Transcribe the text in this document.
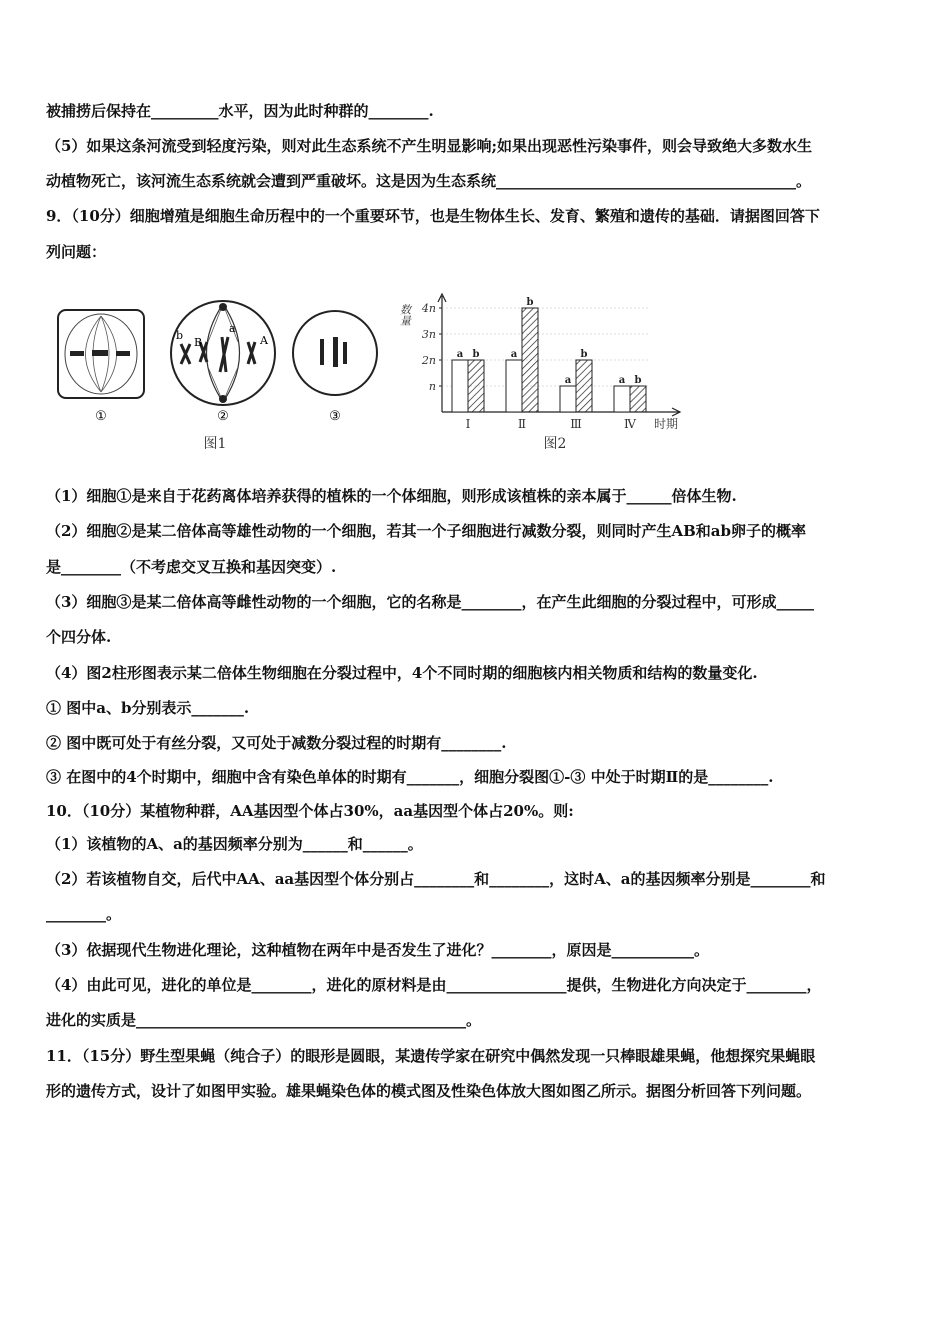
被捕捞后保持在_________水平，因为此时种群的________.
（5）如果这条河流受到轻度污染，则对此生态系统不产生明显影响;如果出现恶性污染事件，则会导致绝大多数水生
动植物死亡，该河流生态系统就会遭到严重破坏。这是因为生态系统________________________________________。
9．（10分）细胞增殖是细胞生命历程中的一个重要环节，也是生物体生长、发育、繁殖和遗传的基础．请据图回答下
列问题：
（1）细胞①是来自于花药离体培养获得的植株的一个体细胞，则形成该植株的亲本属于______倍体生物.
（2）细胞②是某二倍体高等雄性动物的一个细胞，若其一个子细胞进行减数分裂，则同时产生AB和ab卵子的概率
是________（不考虑交叉互换和基因突变）.
（3）细胞③是某二倍体高等雌性动物的一个细胞，它的名称是________，在产生此细胞的分裂过程中，可形成_____
个四分体.
（4）图2柱形图表示某二倍体生物细胞在分裂过程中，4个不同时期的细胞核内相关物质和结构的数量变化.
① 图中a、b分别表示_______.
② 图中既可处于有丝分裂，又可处于减数分裂过程的时期有________.
③ 在图中的4个时期中，细胞中含有染色单体的时期有_______，细胞分裂图①-③ 中处于时期Ⅱ的是________.
10．（10分）某植物种群，AA基因型个体占30%，aa基因型个体占20%。则:
（1）该植物的A、a的基因频率分别为______和______。
（2）若该植物自交，后代中AA、aa基因型个体分别占________和________，这时A、a的基因频率分别是________和
________。
（3）依据现代生物进化理论，这种植物在两年中是否发生了进化？________，原因是___________。
（4）由此可见，进化的单位是________，进化的原材料是由________________提供，生物进化方向决定于________，
进化的实质是____________________________________________。
11．（15分）野生型果蝇（纯合子）的眼形是圆眼，某遗传学家在研究中偶然发现一只棒眼雄果蝇，他想探究果蝇眼
形的遗传方式，设计了如图甲实验。雄果蝇染色体的模式图及性染色体放大图如图乙所示。据图分析回答下列问题。
①
b
B
a
A
②	③
图1
数量
时期
n
2n
3n
4n
a b
Ⅰ
a
b
Ⅱ
a
b
Ⅲ
a b
Ⅳ
图2
